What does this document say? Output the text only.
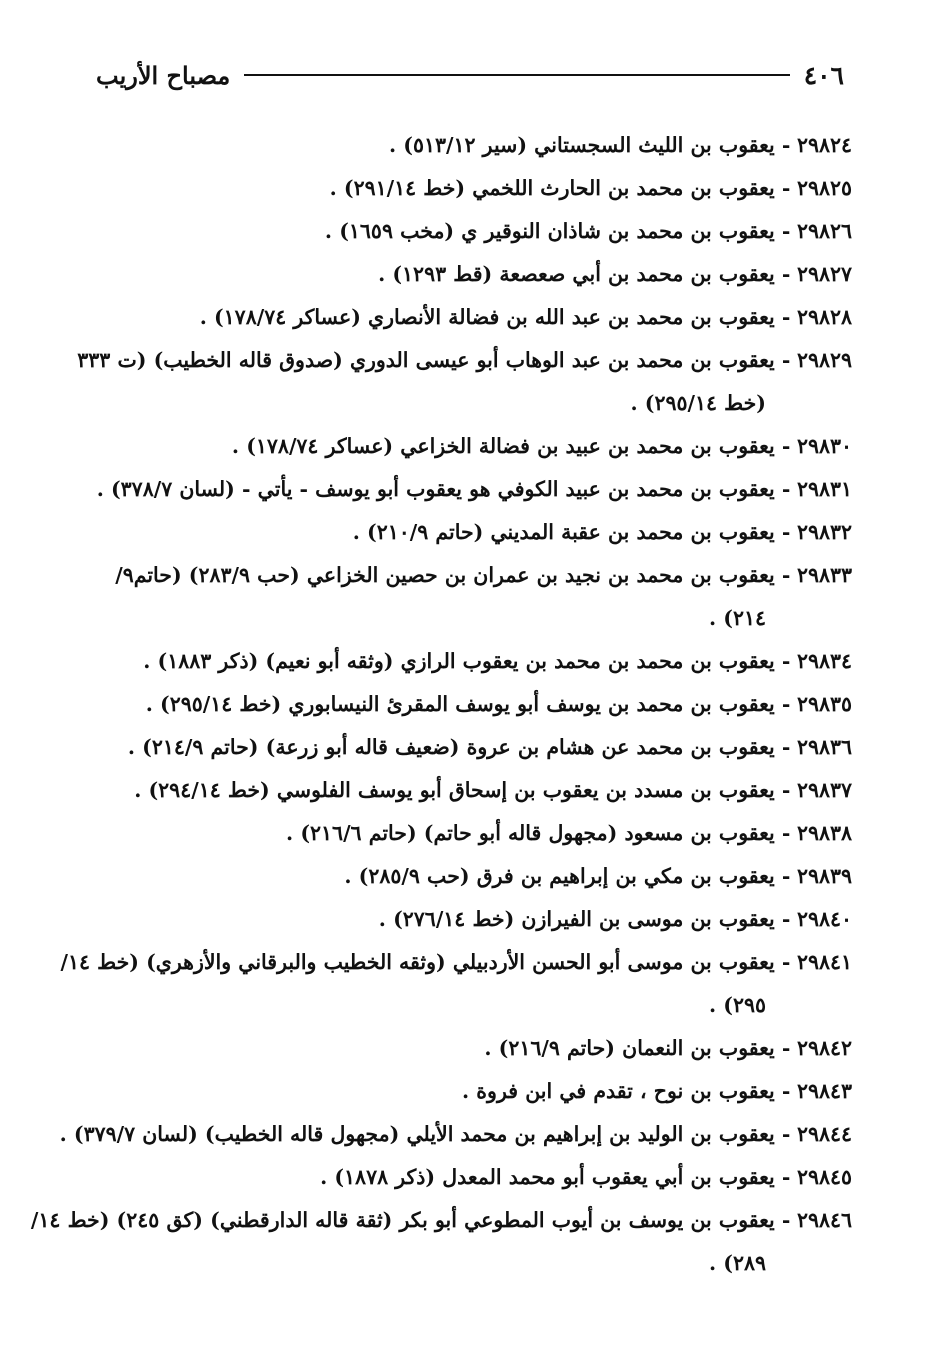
٤٠٦
مصباح الأريب
٢٩٨٢٤ - يعقوب بن الليث السجستاني (سير ٥١٣/١٢) .
٢٩٨٢٥ - يعقوب بن محمد بن الحارث اللخمي (خط ٢٩١/١٤) .
٢٩٨٢٦ - يعقوب بن محمد بن شاذان النوقير ي (مخب ١٦٥٩) .
٢٩٨٢٧ - يعقوب بن محمد بن أبي صعصعة (قط ١٢٩٣) .
٢٩٨٢٨ - يعقوب بن محمد بن عبد الله بن فضالة الأنصاري (عساكر ١٧٨/٧٤) .
٢٩٨٢٩ - يعقوب بن محمد بن عبد الوهاب أبو عيسى الدوري (صدوق قاله الخطيب) (ت ٣٣٣
(خط ٢٩٥/١٤) .
٢٩٨٣٠ - يعقوب بن محمد بن عبيد بن فضالة الخزاعي (عساكر ١٧٨/٧٤) .
٢٩٨٣١ - يعقوب بن محمد بن عبيد الكوفي هو يعقوب أبو يوسف - يأتي - (لسان ٣٧٨/٧) .
٢٩٨٣٢ - يعقوب بن محمد بن عقبة المديني (حاتم ٢١٠/٩) .
٢٩٨٣٣ - يعقوب بن محمد بن نجيد بن عمران بن حصين الخزاعي (حب ٢٨٣/٩) (حاتم٩/
٢١٤) .
٢٩٨٣٤ - يعقوب بن محمد بن محمد بن يعقوب الرازي (وثقه أبو نعيم) (ذكر ١٨٨٣) .
٢٩٨٣٥ - يعقوب بن محمد بن يوسف أبو يوسف المقرئ النيسابوري (خط ٢٩٥/١٤) .
٢٩٨٣٦ - يعقوب بن محمد عن هشام بن عروة (ضعيف قاله أبو زرعة) (حاتم ٢١٤/٩) .
٢٩٨٣٧ - يعقوب بن مسدد بن يعقوب بن إسحاق أبو يوسف الفلوسي (خط ٢٩٤/١٤) .
٢٩٨٣٨ - يعقوب بن مسعود (مجهول قاله أبو حاتم) (حاتم ٢١٦/٦) .
٢٩٨٣٩ - يعقوب بن مكي بن إبراهيم بن فرق (حب ٢٨٥/٩) .
٢٩٨٤٠ - يعقوب بن موسى بن الفيرازن (خط ٢٧٦/١٤) .
٢٩٨٤١ - يعقوب بن موسى أبو الحسن الأردبيلي (وثقه الخطيب والبرقاني والأزهري) (خط ١٤/
٢٩٥) .
٢٩٨٤٢ - يعقوب بن النعمان (حاتم ٢١٦/٩) .
٢٩٨٤٣ - يعقوب بن نوح ، تقدم في ابن فروة .
٢٩٨٤٤ - يعقوب بن الوليد بن إبراهيم بن محمد الأيلي (مجهول قاله الخطيب) (لسان ٣٧٩/٧) .
٢٩٨٤٥ - يعقوب بن أبي يعقوب أبو محمد المعدل (ذكر ١٨٧٨) .
٢٩٨٤٦ - يعقوب بن يوسف بن أيوب المطوعي أبو بكر (ثقة قاله الدارقطني) (كق ٢٤٥) (خط ١٤/
٢٨٩) .
